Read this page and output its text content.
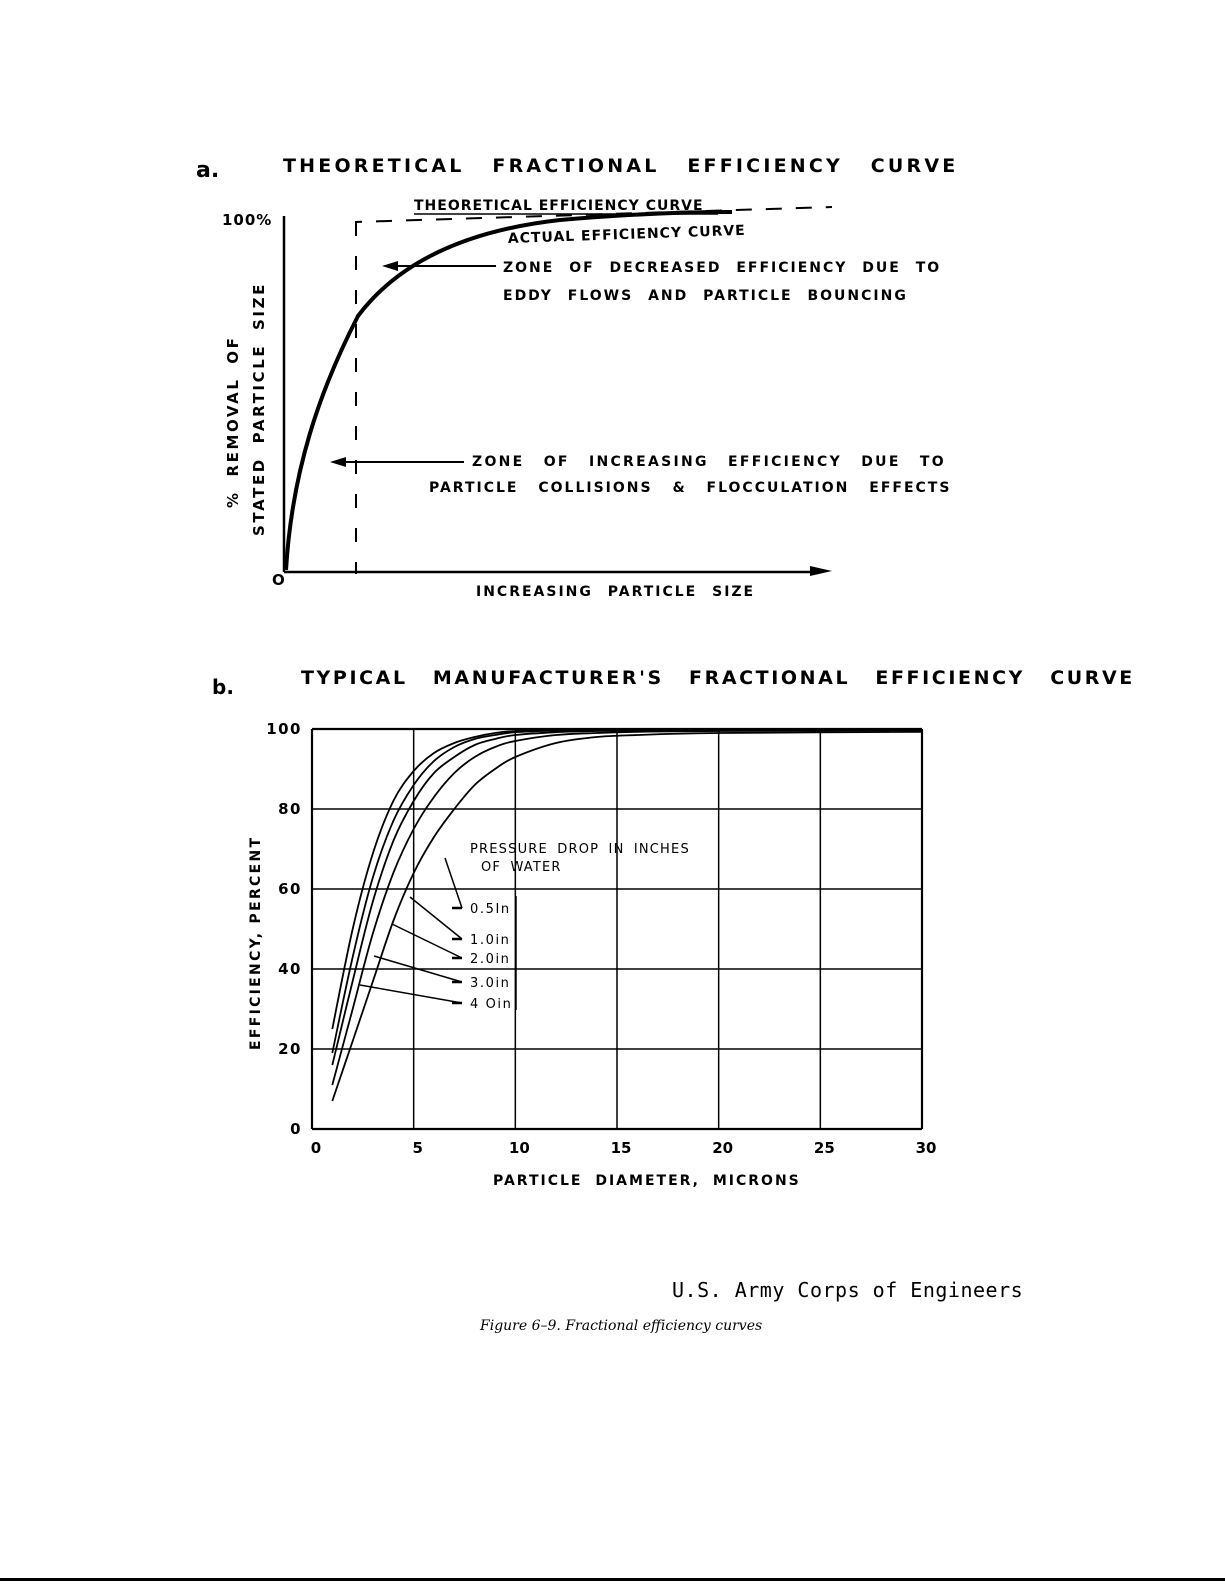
a.	THEORETICAL FRACTIONAL EFFICIENCY CURVE
100%
O
% REMOVAL OF STATED PARTICLE SIZE
THEORETICAL EFFICIENCY CURVE
ACTUAL EFFICIENCY CURVE
ZONE OF DECREASED EFFICIENCY DUE TO
EDDY FLOWS AND PARTICLE BOUNCING
ZONE OF INCREASING EFFICIENCY DUE TO
PARTICLE COLLISIONS & FLOCCULATION EFFECTS
INCREASING PARTICLE SIZE
b.	TYPICAL MANUFACTURER'S FRACTIONAL EFFICIENCY CURVE
0
20
40
60
80
100
0	5	10	15	20	25	30
PRESSURE DROP IN INCHES
OF WATER
0.5In
1.0in
2.0in
3.0in
4 Oin
EFFICIENCY, PERCENT
PARTICLE DIAMETER, MICRONS
U.S. Army Corps of Engineers
Figure 6–9. Fractional efficiency curves
